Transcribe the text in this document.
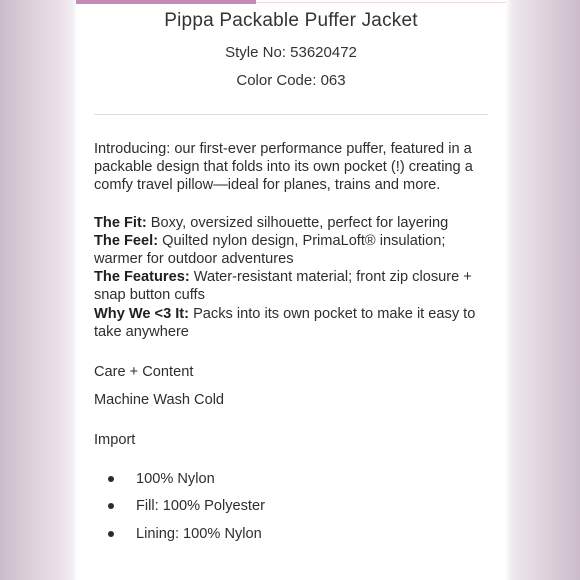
Pippa Packable Puffer Jacket
Style No: 53620472
Color Code: 063

Introducing: our first-ever performance puffer, featured in a packable design that folds into its own pocket (!) creating a comfy travel pillow—ideal for planes, trains and more.

The Fit: Boxy, oversized silhouette, perfect for layering

The Feel: Quilted nylon design, PrimaLoft® insulation; warmer for outdoor adventures

The Features: Water-resistant material; front zip closure + snap button cuffs

Why We <3 It: Packs into its own pocket to make it easy to take anywhere

Care + Content

Machine Wash Cold

Import

100% Nylon
Fill: 100% Polyester
Lining: 100% Nylon
